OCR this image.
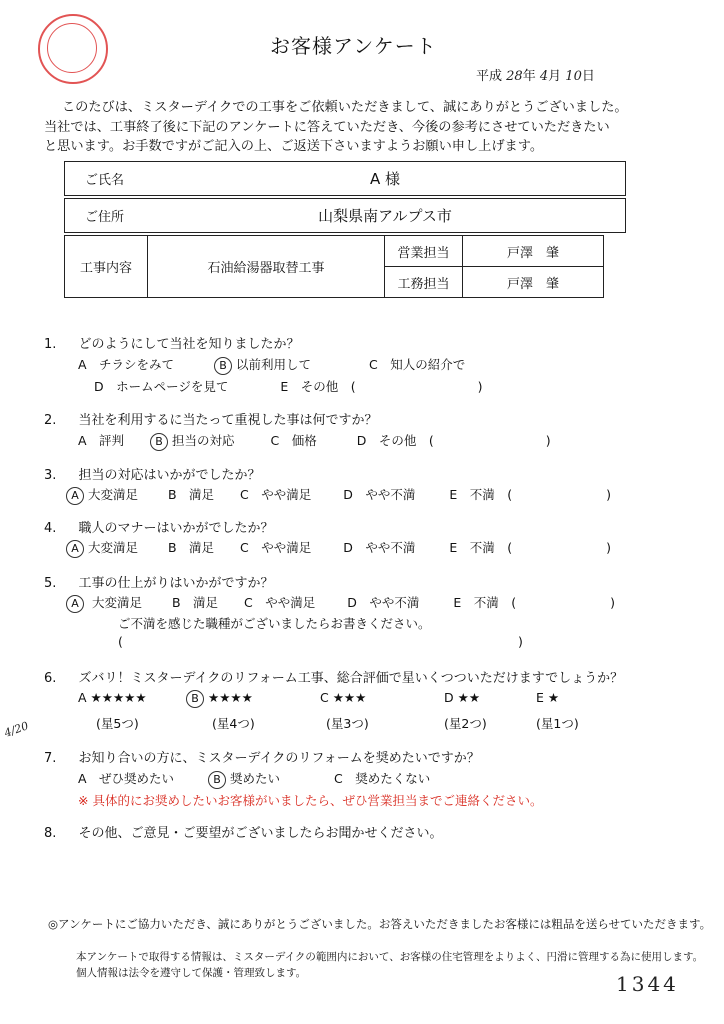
お客様アンケート
平成 28年 4月 10日
このたびは、ミスターデイクでの工事をご依頼いただきまして、誠にありがとうございました。
当社では、工事終了後に下記のアンケートに答えていただき、今後の参考にさせていただきたい
と思います。お手数ですがご記入の上、ご返送下さいますようお願い申し上げます。
ご氏名	A 様
ご住所	山梨県南アルプス市
工事内容	石油給湯器取替工事	営業担当	戸澤　肇
		工務担当	戸澤　肇
1. どのようにして当社を知りましたか？
A　チラシをみて	B 以前利用して	C　知人の紹介で
D　ホームページを見て	E　その他　(	)
2. 当社を利用するに当たって重視した事は何ですか？
A　評判	B 担当の対応	C　価格	D　その他　(	)
3. 担当の対応はいかがでしたか？
A 大変満足 B　満足 C　やや満足	D　やや不満	E　不満　(	)
4. 職人のマナーはいかがでしたか？
A 大変満足 B　満足 C　やや満足	D　やや不満	E　不満　(	)
5. 工事の仕上がりはいかがですか？
A 大変満足 B　満足 C　やや満足	D　やや不満	E　不満　(	)
ご不満を感じた職種がございましたらお書きください。
(	)
6. ズバリ！ミスターデイクのリフォーム工事、総合評価で星いくつついただけますでしょうか？
A ★★★★★	B ★★★★	C ★★★	D ★★	E ★
(星5つ)	(星4つ)	(星3つ)	(星2つ)	(星1つ)
4/20
7. お知り合いの方に、ミスターデイクのリフォームを奨めたいですか？
A　ぜひ奨めたい	B 奨めたい	C　奨めたくない
※ 具体的にお奨めしたいお客様がいましたら、ぜひ営業担当までご連絡ください。
8. その他、ご意見・ご要望がございましたらお聞かせください。
◎アンケートにご協力いただき、誠にありがとうございました。お答えいただきましたお客様には粗品を送らせていただきます。
本アンケートで取得する情報は、ミスターデイクの範囲内において、お客様の住宅管理をよりよく、円滑に管理する為に使用します。
個人情報は法令を遵守して保護・管理致します。	1344
